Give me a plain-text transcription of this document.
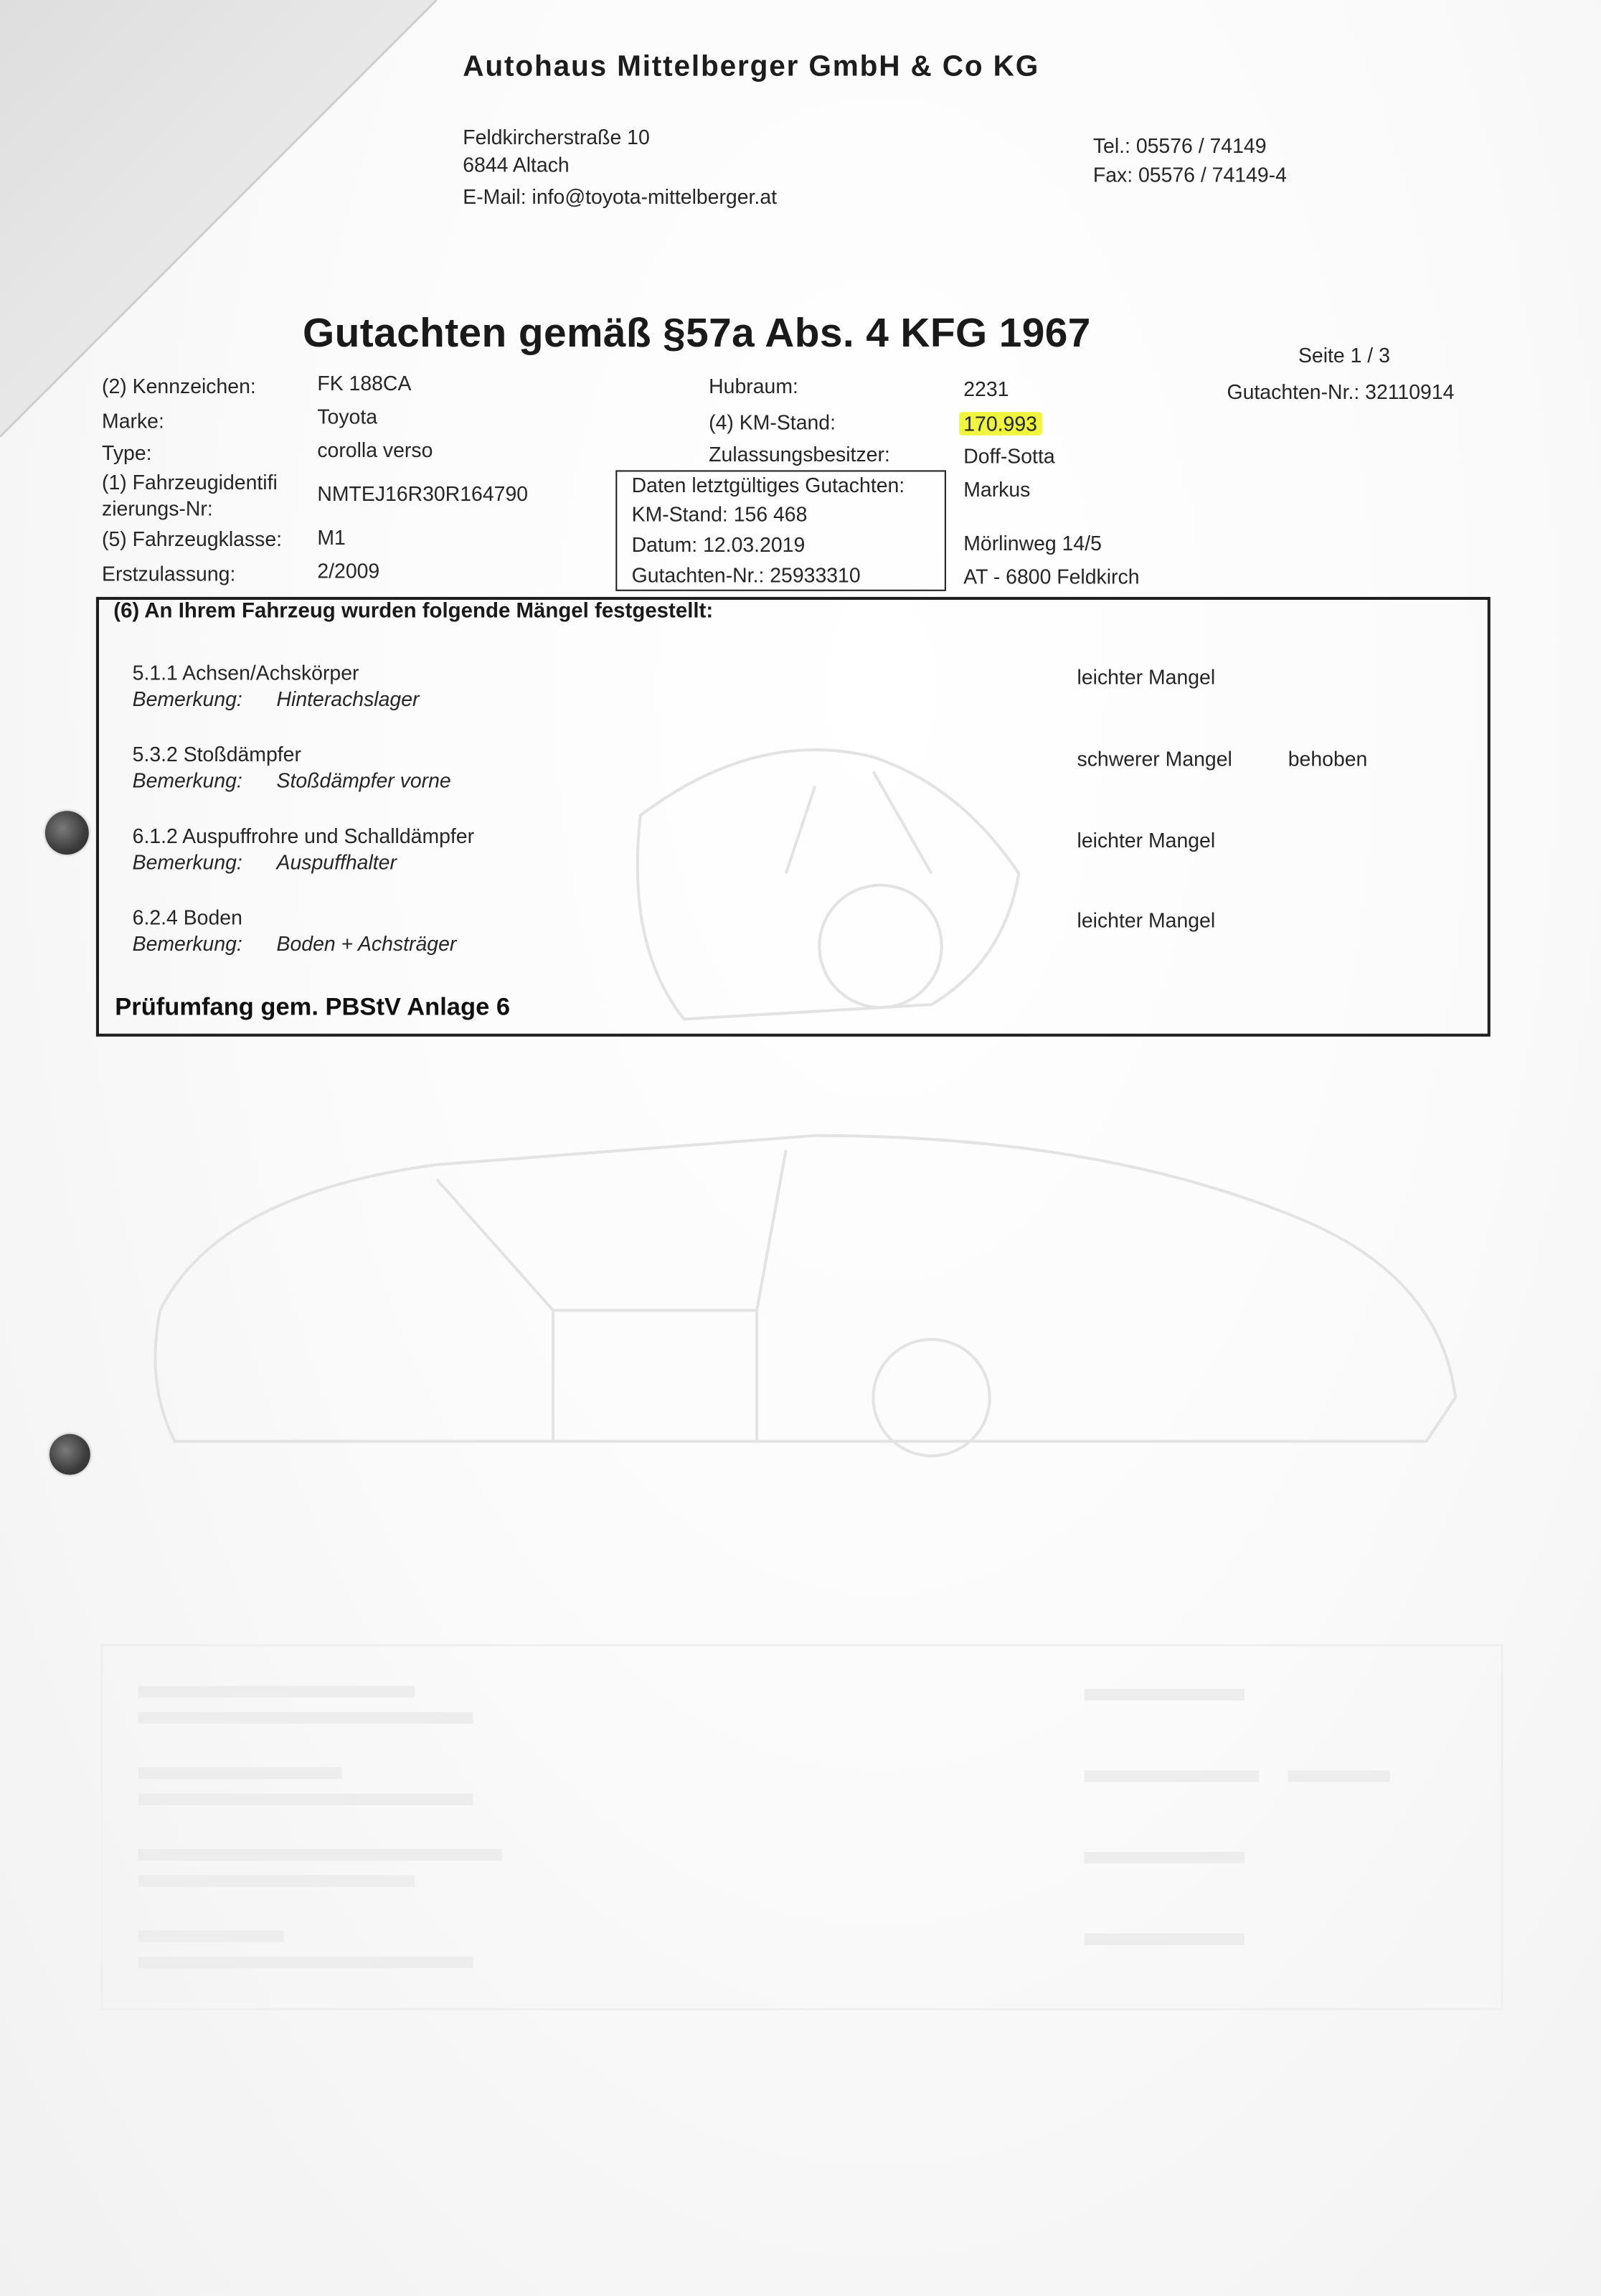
Autohaus Mittelberger GmbH & Co KG
Feldkircherstraße 10
6844 Altach
E-Mail: info@toyota-mittelberger.at
Tel.: 05576 / 74149
Fax: 05576 / 74149-4
Gutachten gemäß §57a Abs. 4 KFG 1967
Seite 1 / 3
Gutachten-Nr.: 32110914
(2) Kennzeichen:	FK 188CA
Marke:	Toyota
Type:	corolla verso
(1) Fahrzeugidentifi
zierungs-Nr:
NMTEJ16R30R164790
(5) Fahrzeugklasse:	M1
Erstzulassung:	2/2009
Hubraum:	2231
(4) KM-Stand:	170.993
Zulassungsbesitzer:	Doff-Sotta
Markus
Mörlinweg 14/5
AT - 6800 Feldkirch
Daten letztgültiges Gutachten:
KM-Stand: 156 468
Datum: 12.03.2019
Gutachten-Nr.: 25933310
(6) An Ihrem Fahrzeug wurden folgende Mängel festgestellt:
5.1.1 Achsen/Achskörper
Bemerkung:	Hinterachslager
leichter Mangel
5.3.2 Stoßdämpfer
Bemerkung:	Stoßdämpfer vorne
schwerer Mangel	behoben
6.1.2 Auspuffrohre und Schalldämpfer
Bemerkung:	Auspuffhalter
leichter Mangel
6.2.4 Boden
Bemerkung:	Boden + Achsträger
leichter Mangel
Prüfumfang gem. PBStV Anlage 6
